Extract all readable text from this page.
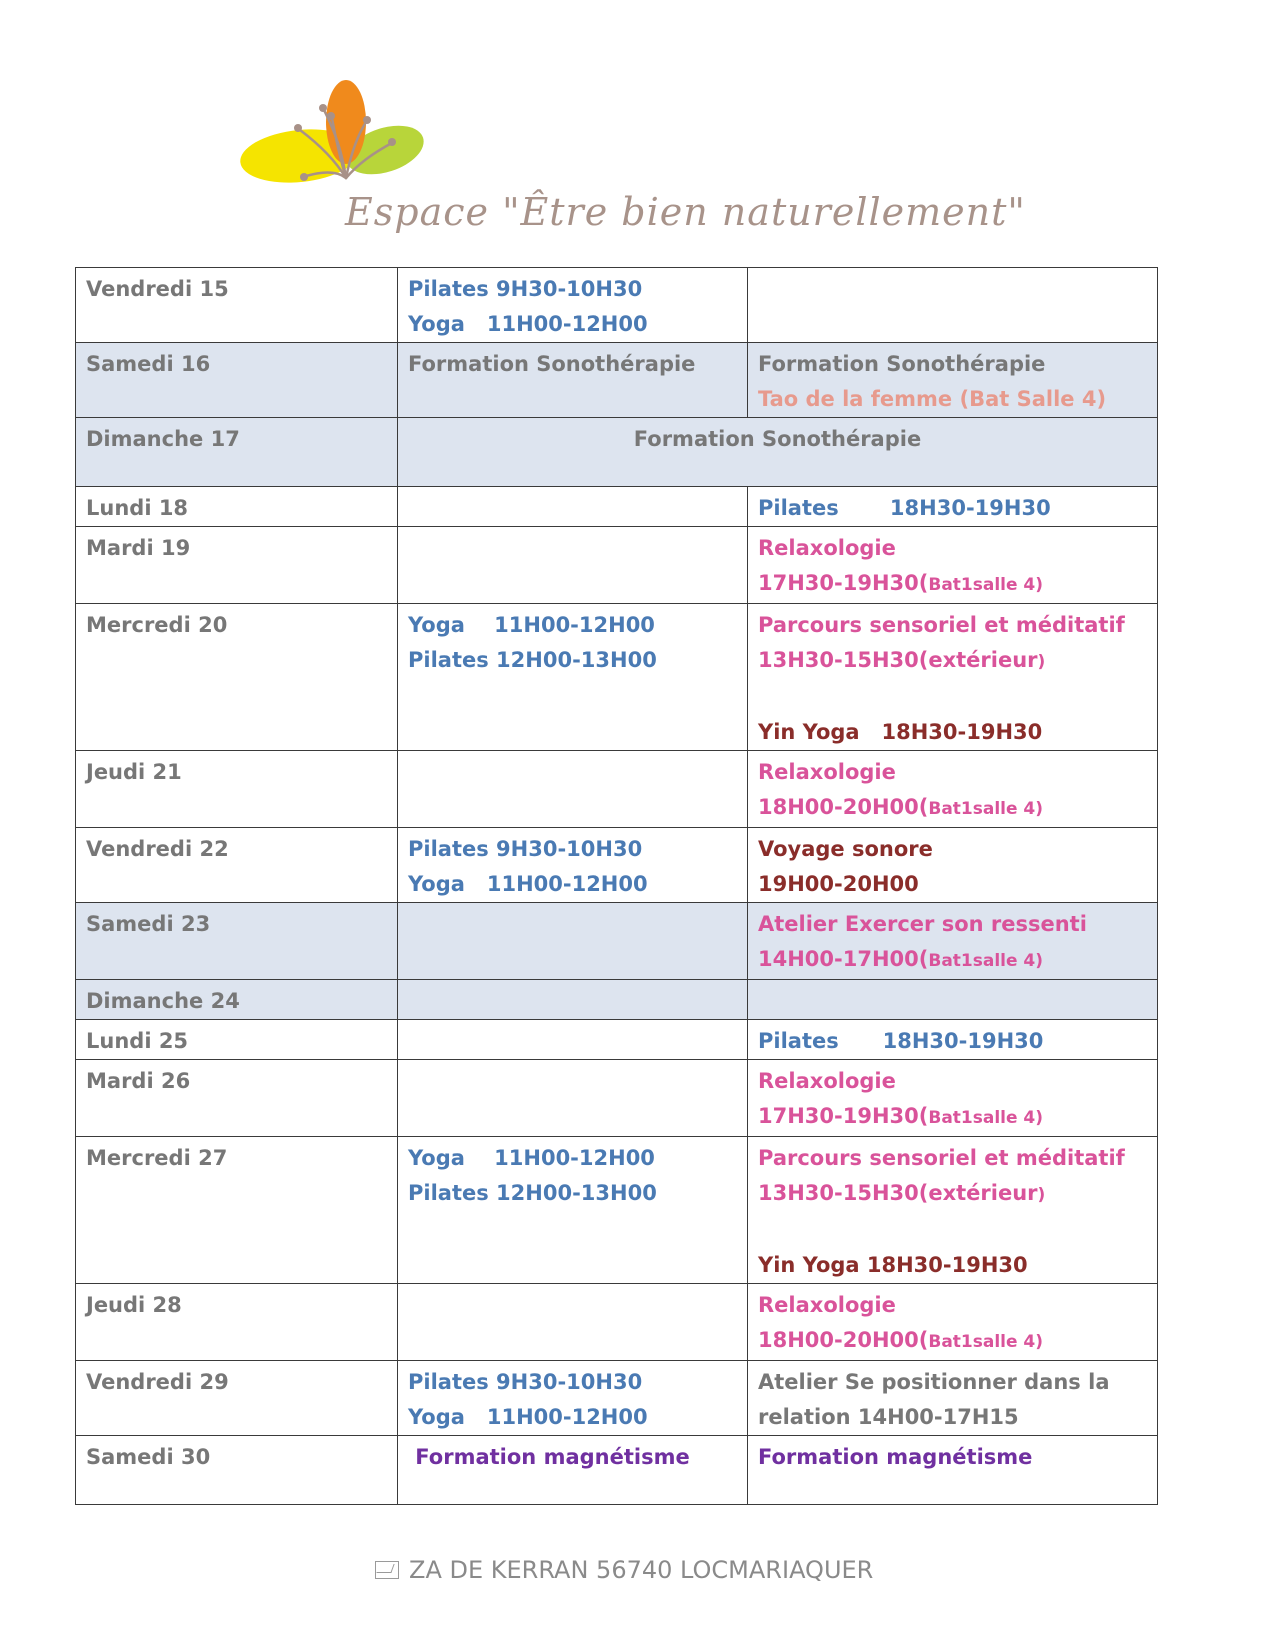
Espace "Être bien naturellement"
Vendredi 15	Pilates 9H30-10H30
Yoga   11H00-12H00	

Samedi 16	Formation Sonothérapie	Formation Sonothérapie
Tao de la femme (Bat Salle 4)

Dimanche 17	Formation Sonothérapie	

Lundi 18		Pilates       18H30-19H30

Mardi 19		Relaxologie
17H30-19H30(Bat1salle 4)

Mercredi 20	Yoga    11H00-12H00
Pilates 12H00-13H00	Parcours sensoriel et méditatif
13H30-15H30(extérieur)

Yin Yoga   18H30-19H30

Jeudi 21		Relaxologie
18H00-20H00(Bat1salle 4)

Vendredi 22	Pilates 9H30-10H30
Yoga   11H00-12H00	Voyage sonore
19H00-20H00

Samedi 23		Atelier Exercer son ressenti
14H00-17H00(Bat1salle 4)

Dimanche 24		
Lundi 25		Pilates      18H30-19H30

Mardi 26		Relaxologie
17H30-19H30(Bat1salle 4)

Mercredi 27	Yoga    11H00-12H00
Pilates 12H00-13H00	Parcours sensoriel et méditatif
13H30-15H30(extérieur)

Yin Yoga 18H30-19H30

Jeudi 28		Relaxologie
18H00-20H00(Bat1salle 4)

Vendredi 29	Pilates 9H30-10H30
Yoga   11H00-12H00	Atelier Se positionner dans la
relation 14H00-17H15

Samedi 30	Formation magnétisme	Formation magnétisme
ZA DE KERRAN 56740 LOCMARIAQUER
